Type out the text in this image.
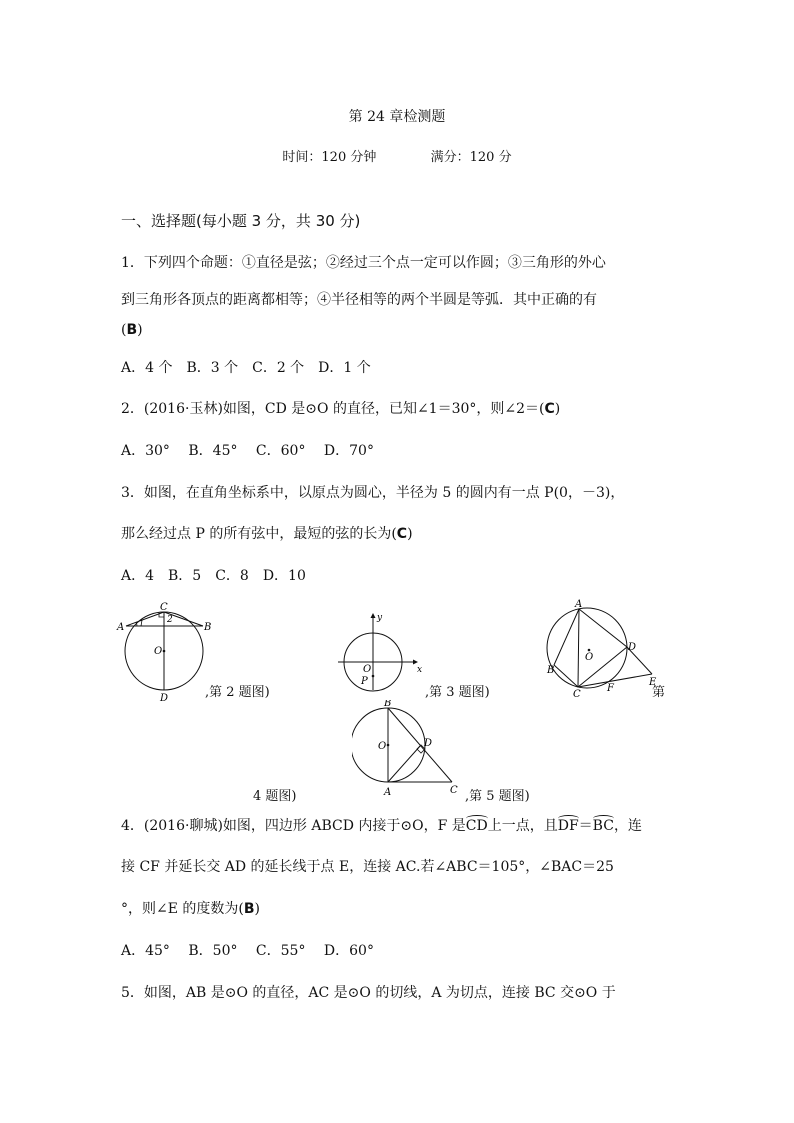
第 24 章检测题
时间：120 分钟	满分：120 分
一、选择题(每小题 3 分，共 30 分)
1．下列四个命题：①直径是弦；②经过三个点一定可以作圆；③三角形的外心
到三角形各顶点的距离都相等；④半径相等的两个半圆是等弧．其中正确的有
(B)
A．4 个　B．3 个　C．2 个　D．1 个
2．(2016·玉林)如图，CD 是⊙O 的直径，已知∠1＝30°，则∠2＝(C)
A．30°　 B．45°　 C．60°　 D．70°
3．如图，在直角坐标系中，以原点为圆心，半径为 5 的圆内有一点 P(0，－3)，
那么经过点 P 的所有弦中，最短的弦的长为(C)
A．4　B．5　C．8　D．10
A	B
C
D
O
1	2
,第 2 题图)
y
x
O
P
,第 3 题图)
A
B
C
D
E
F
O
第
4 题图)
B
O	D
A	C ,第 5 题图)
4．(2016·聊城)如图，四边形 ABCD 内接于⊙O，F 是CD上一点，且DF＝BC，连
接 CF 并延长交 AD 的延长线于点 E，连接 AC.若∠ABC＝105°，∠BAC＝25
°，则∠E 的度数为(B)
A．45°　 B．50°　 C．55°　 D．60°
5．如图，AB 是⊙O 的直径，AC 是⊙O 的切线，A 为切点，连接 BC 交⊙O 于
